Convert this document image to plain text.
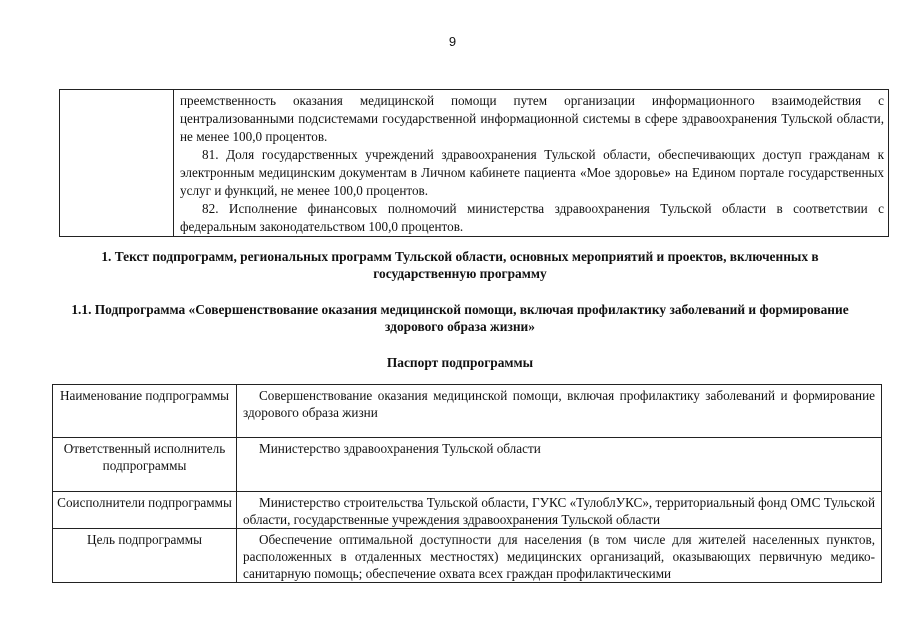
9

преемственность оказания медицинской помощи путем организации информационного взаимодействия с централизованными подсистемами государственной информационной системы в сфере здравоохранения Тульской области, не менее 100,0 процентов.

81. Доля государственных учреждений здравоохранения Тульской области, обеспечивающих доступ гражданам к электронным медицинским документам в Личном кабинете пациента «Мое здоровье» на Едином портале государственных услуг и функций, не менее 100,0 процентов.

82. Исполнение финансовых полномочий министерства здравоохранения Тульской области в соответствии с федеральным законодательством 100,0 процентов.

1. Текст подпрограмм, региональных программ Тульской области, основных мероприятий и проектов, включенных в государственную программу
1.1. Подпрограмма «Совершенствование оказания медицинской помощи, включая профилактику заболеваний и формирование здорового образа жизни»
Паспорт подпрограммы
Наименование подпрограммы	Совершенствование оказания медицинской помощи, включая профилактику заболеваний и формирование здорового образа жизни

Ответственный исполнитель подпрограммы	Министерство здравоохранения Тульской области

Соисполнители подпрограммы	Министерство строительства Тульской области, ГУКС «ТулоблУКС», территориальный фонд ОМС Тульской области, государственные учреждения здравоохранения Тульской области

Цель подпрограммы	Обеспечение оптимальной доступности для населения (в том числе для жителей населенных пунктов, расположенных в отдаленных местностях) медицинских организаций, оказывающих первичную медико-санитарную помощь; обеспечение охвата всех граждан профилактическими
